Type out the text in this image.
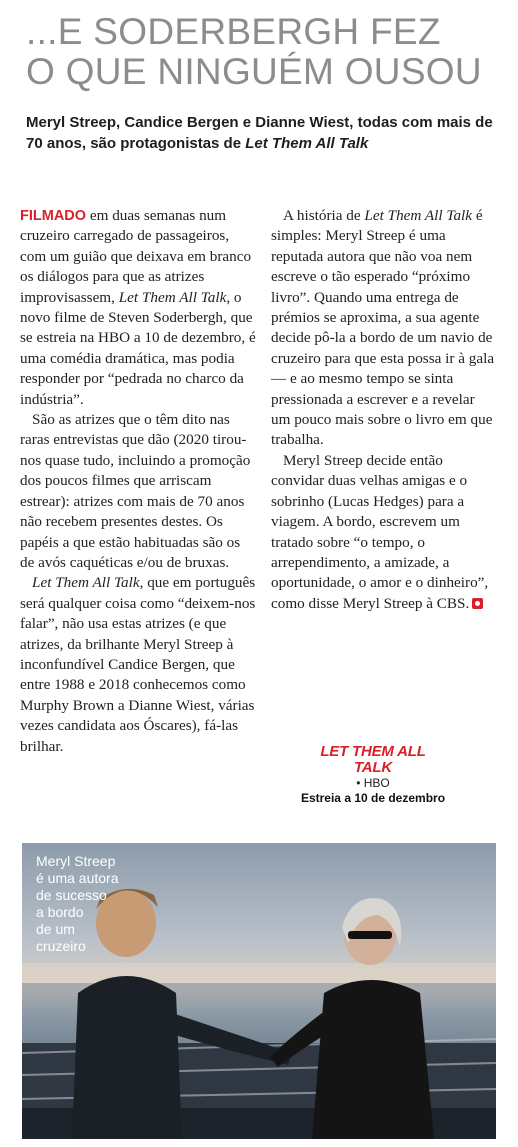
...E SODERBERGH FEZ
O QUE NINGUÉM OUSOU

Meryl Streep, Candice Bergen e Dianne Wiest, todas com mais de 70 anos, são protagonistas de Let Them All Talk

FILMADO em duas semanas num cruzeiro carregado de passageiros, com um guião que deixava em branco os diálogos para que as atrizes improvisassem, Let Them All Talk, o novo filme de Steven Soderbergh, que se estreia na HBO a 10 de dezembro, é uma comédia dramática, mas podia responder por “pedrada no charco da indústria”.

São as atrizes que o têm dito nas raras entrevistas que dão (2020 tirou-nos quase tudo, incluindo a promoção dos poucos filmes que arriscam estrear): atrizes com mais de 70 anos não recebem presentes destes. Os papéis a que estão habituadas são os de avós caquéticas e/ou de bruxas.

Let Them All Talk, que em português será qualquer coisa como “deixem-nos falar”, não usa estas atrizes (e que atrizes, da brilhante Meryl Streep à inconfundível Candice Bergen, que entre 1988 e 2018 conhecemos como Murphy Brown a Dianne Wiest, várias vezes candidata aos Óscares), fá-las brilhar.

A história de Let Them All Talk é simples: Meryl Streep é uma reputada autora que não voa nem escreve o tão esperado “próximo livro”. Quando uma entrega de prémios se aproxima, a sua agente decide pô-la a bordo de um navio de cruzeiro para que esta possa ir à gala — e ao mesmo tempo se sinta pressionada a escrever e a revelar um pouco mais sobre o livro em que trabalha.

Meryl Streep decide então convidar duas velhas amigas e o sobrinho (Lucas Hedges) para a viagem. A bordo, escrevem um tratado sobre “o tempo, o arrependimento, a amizade, a oportunidade, o amor e o dinheiro”, como disse Meryl Streep à CBS.

LET THEM ALL TALK
• HBO
Estreia a 10 de dezembro

Meryl Streep
é uma autora
de sucesso
a bordo
de um
cruzeiro
